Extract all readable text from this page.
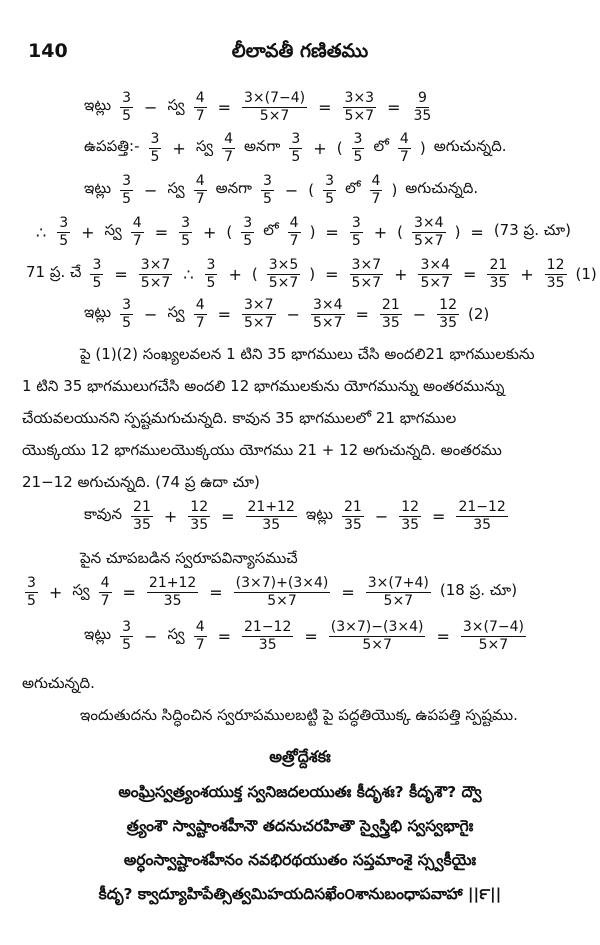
140	లీలావతీ గణితము
ఇట్లు $\frac{3}{5}$ − స్వ $\frac{4}{7} = \frac{3\times(7-4)}{5\times 7} = \frac{3\times 3}{5\times 7} = \frac{9}{35}$
ఉపపత్తి:- $\frac{3}{5}$ + స్వ $\frac{4}{7}$ అనగా $\frac{3}{5}$ + ( $\frac{3}{5}$ లో $\frac{4}{7}$ ) అగుచున్నది.
ఇట్లు $\frac{3}{5}$ − స్వ $\frac{4}{7}$ అనగా $\frac{3}{5}$ − ( $\frac{3}{5}$ లో $\frac{4}{7}$ ) అగుచున్నది.
∴ $\frac{3}{5}$ + స్వ $\frac{4}{7} = \frac{3}{5}$ + ( $\frac{3}{5}$ లో $\frac{4}{7}$ ) = $\frac{3}{5}$ + ( $\frac{3\times 4}{5\times 7}$ ) = (73 ప్ర. చూ)
71 ప్ర. చే $\frac{3}{5} = \frac{3\times 7}{5\times 7}$ ∴ $\frac{3}{5}$ + ( $\frac{3\times 5}{5\times 7}$ ) = $\frac{3\times 7}{5\times 7} + \frac{3\times 4}{5\times 7} = \frac{21}{35} + \frac{12}{35} (1)$
ఇట్లు $\frac{3}{5}$ − స్వ $\frac{4}{7} = \frac{3\times 7}{5\times 7} - \frac{3\times 4}{5\times 7} = \frac{21}{35} - \frac{12}{35} (2)$
కావున $\frac{21}{35} + \frac{12}{35} = \frac{21+12}{35}$ ఇట్లు $\frac{21}{35} - \frac{12}{35} = \frac{21-12}{35}$
$\frac{3}{5}$ + స్వ $\frac{4}{7} = \frac{21+12}{35} = \frac{(3\times 7)+(3\times 4)}{5\times 7} = \frac{3\times(7+4)}{5\times 7} (18$ ప్ర. చూ)
ఇట్లు $\frac{3}{5}$ − స్వ $\frac{4}{7} = \frac{21-12}{35} = \frac{(3\times 7)-(3\times 4)}{5\times 7} = \frac{3\times(7-4)}{5\times 7}$
పై (1)(2) సంఖ్యలవలన 1 టిని 35 భాగములు చేసి అందలి21 భాగములకును
1 టిని 35 భాగములుగచేసి అందలి 12 భాగములకును యోగమున్ను అంతరమున్ను
చేయవలయునని స్పష్టమగుచున్నది. కావున 35 భాగములలో 21 భాగముల
యొక్కయు 12 భాగములయొక్కయు యోగము 21 + 12 అగుచున్నది. అంతరము
21−12 అగుచున్నది. (74 ప్ర ఉదా చూ)
పైన చూపబడిన స్వరూపవిన్యాసముచే
అగుచున్నది.
ఇందుతుదను సిద్ధించిన స్వరూపములబట్టి పై పద్ధతియొక్క ఉపపత్తి స్పష్టము.
అత్రోద్దేశకః
అంఘ్రిస్వత్ర్యంశయుక్త స్వనిజదలయుతః కీదృశః? కీదృశౌ? ద్వౌ
త్ర్యంశౌ స్వాష్టాంశహీనౌ తదనుచరహితౌ స్వైస్త్రిభి స్వస్వభాగైః
అర్ధంస్వాష్టాంశహీనం నవభిరథయుతం సప్తమాంశై స్స్వకీయైః
కీదృ? క్వాద్యూహిపేత్సిత్వమిహయదిసఖేం౦శానుబంధాపవాహా ||౯||
